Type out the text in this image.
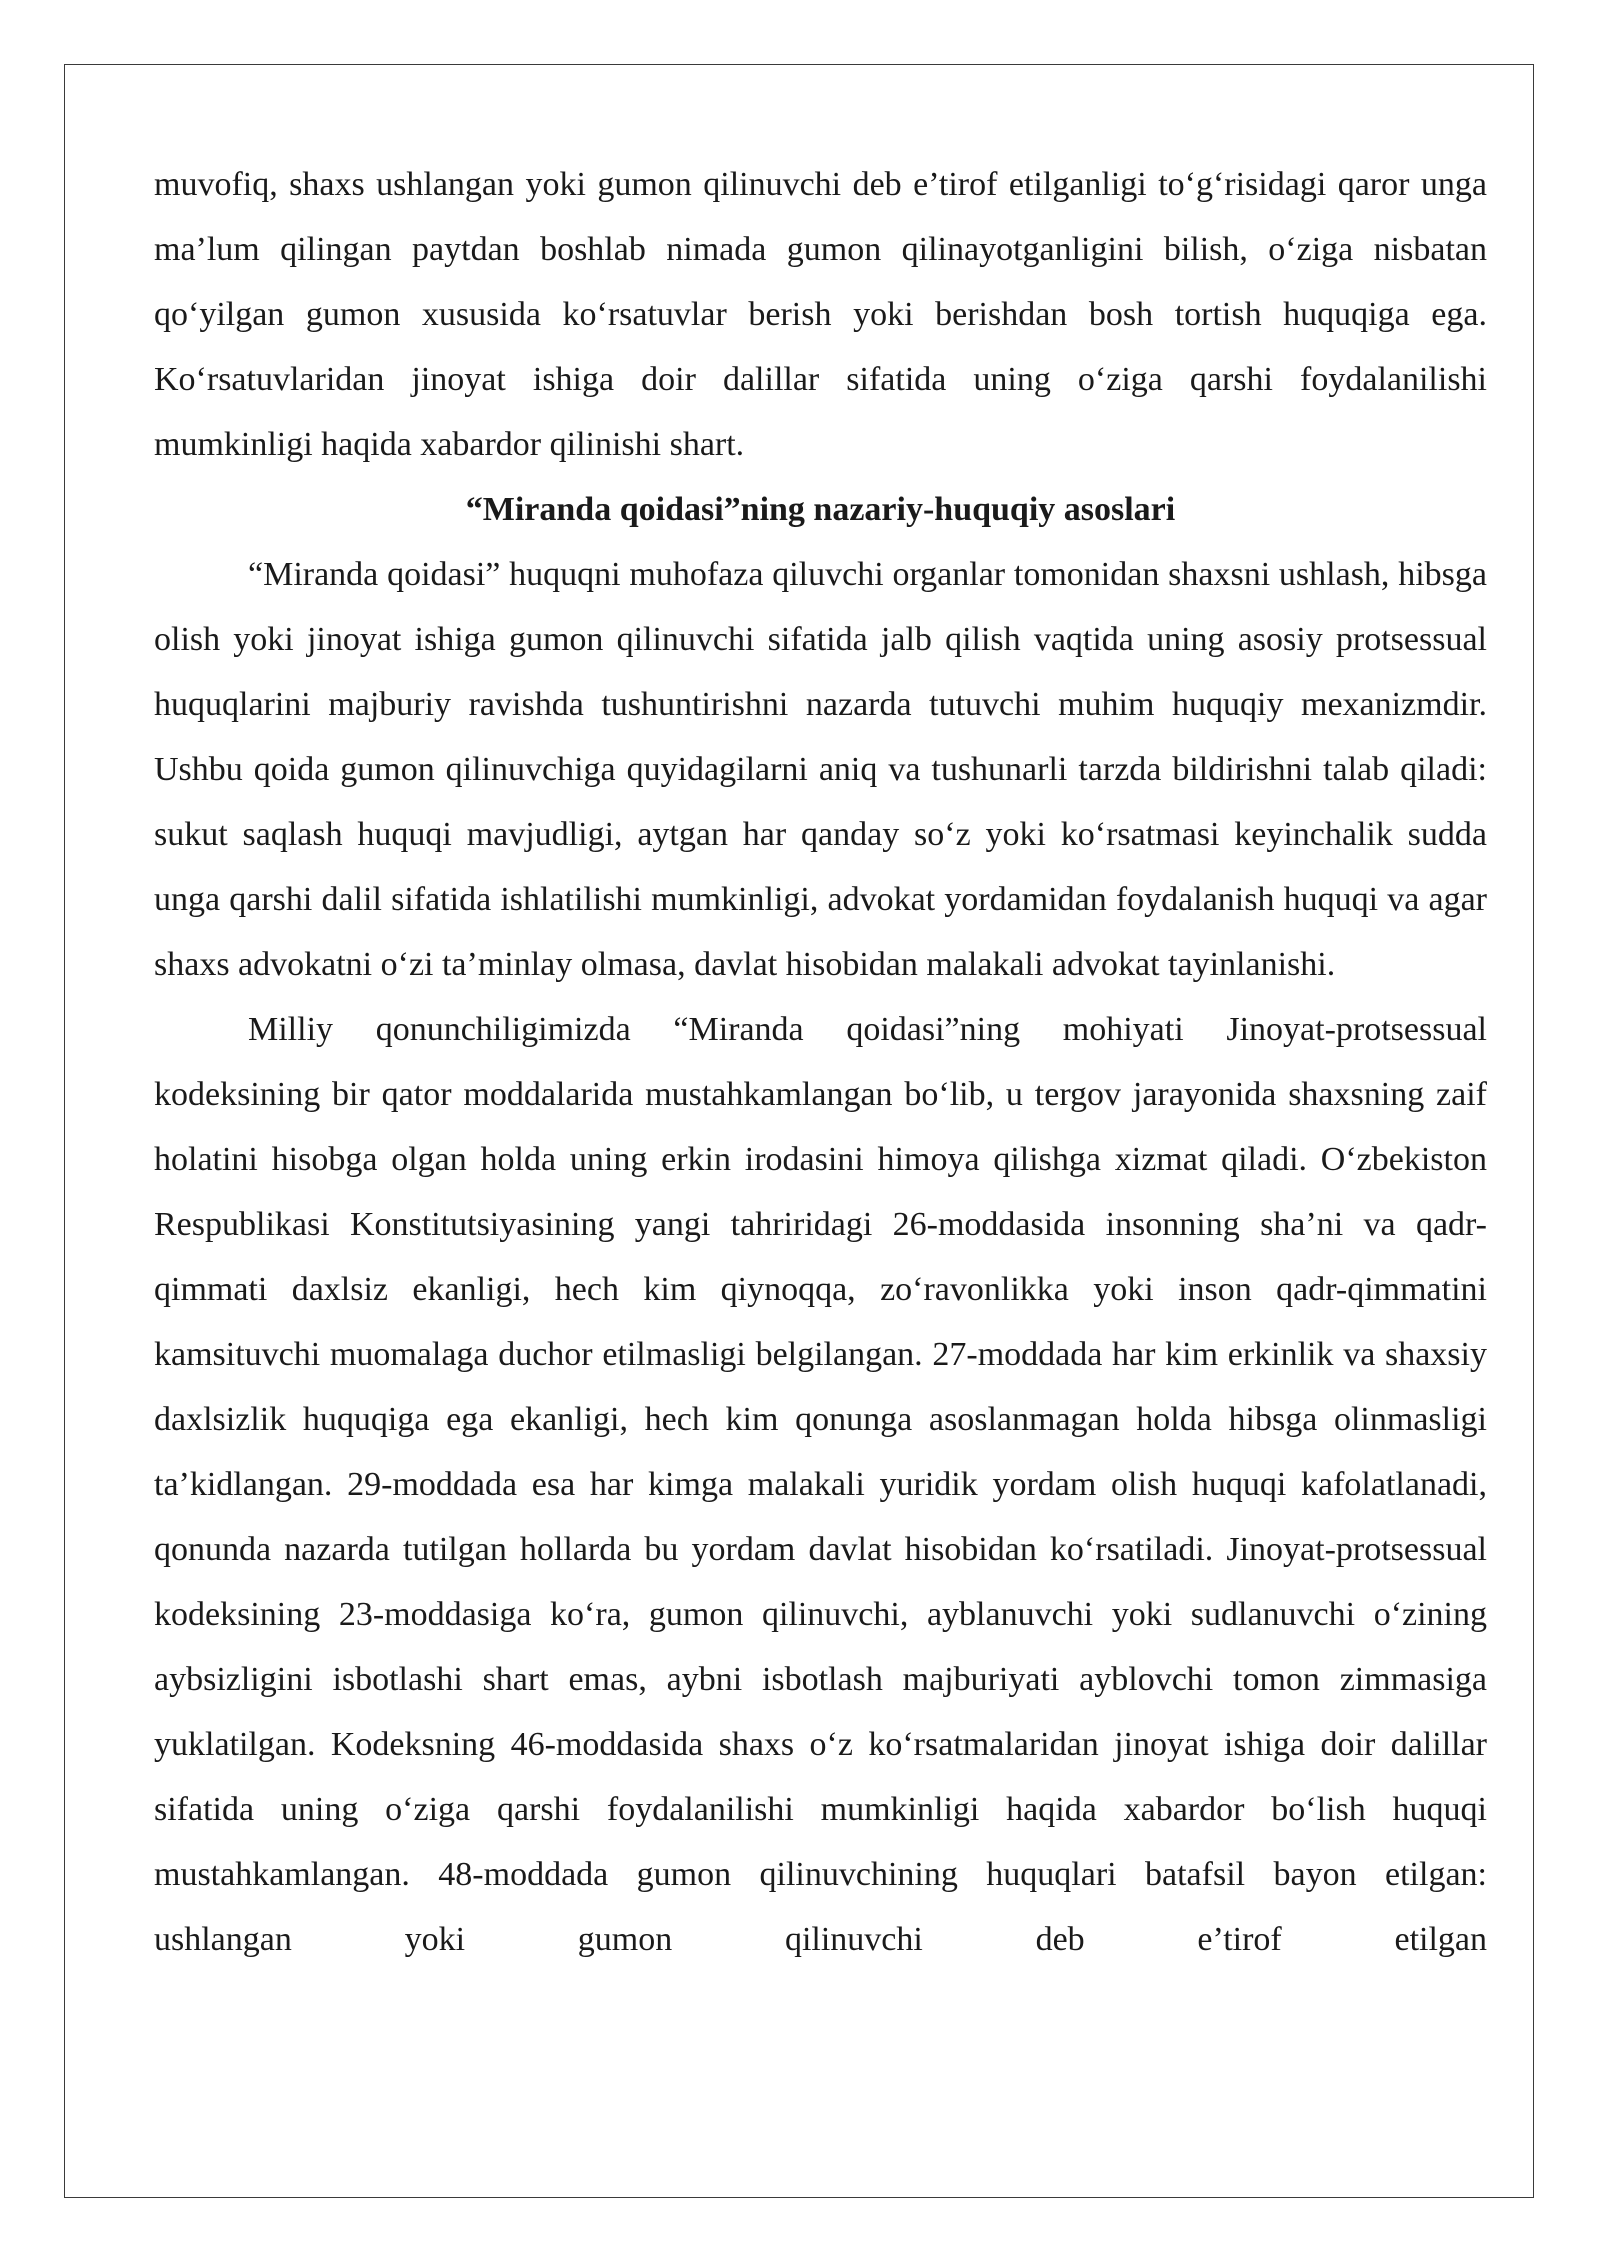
muvofiq, shaxs ushlangan yoki gumon qilinuvchi deb e’tirof etilganligi to‘g‘risidagi qaror unga ma’lum qilingan paytdan boshlab nimada gumon qilinayotganligini bilish, o‘ziga nisbatan qo‘yilgan gumon xususida ko‘rsatuvlar berish yoki berishdan bosh tortish huquqiga ega. Ko‘rsatuvlaridan jinoyat ishiga doir dalillar sifatida uning o‘ziga qarshi foydalanilishi mumkinligi haqida xabardor qilinishi shart.

“Miranda qoidasi”ning nazariy-huquqiy asoslari

“Miranda qoidasi” huquqni muhofaza qiluvchi organlar tomonidan shaxsni ushlash, hibsga olish yoki jinoyat ishiga gumon qilinuvchi sifatida jalb qilish vaqtida uning asosiy protsessual huquqlarini majburiy ravishda tushuntirishni nazarda tutuvchi muhim huquqiy mexanizmdir. Ushbu qoida gumon qilinuvchiga quyidagilarni aniq va tushunarli tarzda bildirishni talab qiladi: sukut saqlash huquqi mavjudligi, aytgan har qanday so‘z yoki ko‘rsatmasi keyinchalik sudda unga qarshi dalil sifatida ishlatilishi mumkinligi, advokat yordamidan foydalanish huquqi va agar shaxs advokatni o‘zi ta’minlay olmasa, davlat hisobidan malakali advokat tayinlanishi.

Milliy qonunchiligimizda “Miranda qoidasi”ning mohiyati Jinoyat-protsessual kodeksining bir qator moddalarida mustahkamlangan bo‘lib, u tergov jarayonida shaxsning zaif holatini hisobga olgan holda uning erkin irodasini himoya qilishga xizmat qiladi. O‘zbekiston Respublikasi Konstitutsiyasining yangi tahriridagi 26-moddasida insonning sha’ni va qadr-qimmati daxlsiz ekanligi, hech kim qiynoqqa, zo‘ravonlikka yoki inson qadr-qimmatini kamsituvchi muomalaga duchor etilmasligi belgilangan. 27-moddada har kim erkinlik va shaxsiy daxlsizlik huquqiga ega ekanligi, hech kim qonunga asoslanmagan holda hibsga olinmasligi ta’kidlangan. 29-moddada esa har kimga malakali yuridik yordam olish huquqi kafolatlanadi, qonunda nazarda tutilgan hollarda bu yordam davlat hisobidan ko‘rsatiladi. Jinoyat-protsessual kodeksining 23-moddasiga ko‘ra, gumon qilinuvchi, ayblanuvchi yoki sudlanuvchi o‘zining aybsizligini isbotlashi shart emas, aybni isbotlash majburiyati ayblovchi tomon zimmasiga yuklatilgan. Kodeksning 46-moddasida shaxs o‘z ko‘rsatmalaridan jinoyat ishiga doir dalillar sifatida uning o‘ziga qarshi foydalanilishi mumkinligi haqida xabardor bo‘lish huquqi mustahkamlangan. 48-moddada gumon qilinuvchining huquqlari batafsil bayon etilgan: ushlangan yoki gumon qilinuvchi deb e’tirof etilgan
